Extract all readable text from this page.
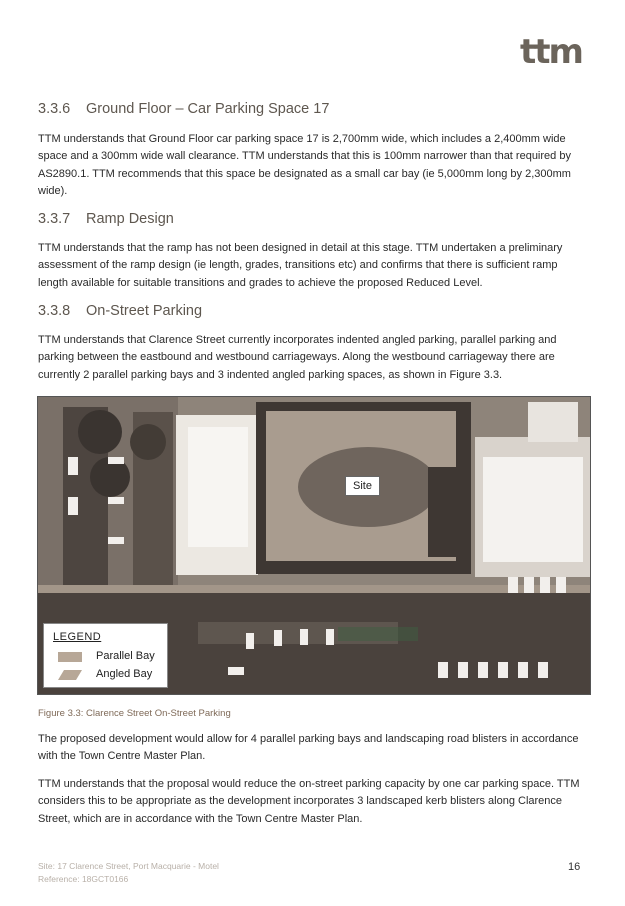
ttm
3.3.6 Ground Floor – Car Parking Space 17
TTM understands that Ground Floor car parking space 17 is 2,700mm wide, which includes a 2,400mm wide space and a 300mm wide wall clearance. TTM understands that this is 100mm narrower than that required by AS2890.1. TTM recommends that this space be designated as a small car bay (ie 5,000mm long by 2,300mm wide).
3.3.7 Ramp Design
TTM understands that the ramp has not been designed in detail at this stage. TTM undertaken a preliminary assessment of the ramp design (ie length, grades, transitions etc) and confirms that there is sufficient ramp length available for suitable transitions and grades to achieve the proposed Reduced Level.
3.3.8 On-Street Parking
TTM understands that Clarence Street currently incorporates indented angled parking, parallel parking and parking between the eastbound and westbound carriageways. Along the westbound carriageway there are currently 2 parallel parking bays and 3 indented angled parking spaces, as shown in Figure 3.3.
Site
LEGEND
Parallel Bay
Angled Bay
Figure 3.3: Clarence Street On-Street Parking
The proposed development would allow for 4 parallel parking bays and landscaping road blisters in accordance with the Town Centre Master Plan.
TTM understands that the proposal would reduce the on-street parking capacity by one car parking space. TTM considers this to be appropriate as the development incorporates 3 landscaped kerb blisters along Clarence Street, which are in accordance with the Town Centre Master Plan.
Site: 17 Clarence Street, Port Macquarie - Motel
Reference: 18GCT0166
16
